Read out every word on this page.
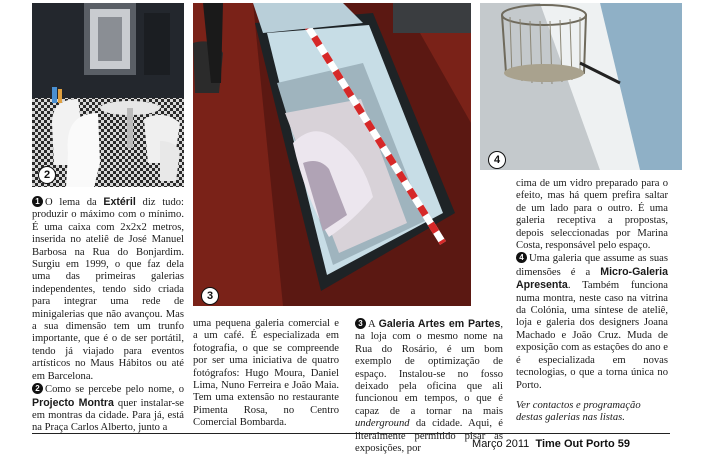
2
3
4

1 O lema da Extéril diz tudo: produzir o máximo com o mínimo. É uma caixa com 2x2x2 metros, inserida no ateliê de José Manuel Barbosa na Rua do Bonjardim. Surgiu em 1999, o que faz dela uma das primeiras galerias independentes, tendo sido criada para integrar uma rede de minigalerias que não avançou. Mas a sua dimensão tem um trunfo importante, que é o de ser portátil, tendo já viajado para eventos artísticos no Maus Hábitos ou até em Barcelona.

2 Como se percebe pelo nome, o Projecto Montra quer instalar-se em montras da cidade. Para já, está na Praça Carlos Alberto, junto a

uma pequena galeria comercial e a um café. É especializada em fotografia, o que se compreende por ser uma iniciativa de quatro fotógrafos: Hugo Moura, Daniel Lima, Nuno Ferreira e João Maia. Tem uma extensão no restaurante Pimenta Rosa, no Centro Comercial Bombarda.

3 A Galeria Artes em Partes, na loja com o mesmo nome na Rua do Rosário, é um bom exemplo de optimização de espaço. Instalou-se no fosso deixado pela oficina que ali funcionou em tempos, o que é capaz de a tornar na mais underground da cidade. Aqui, é literalmente permitido pisar as exposições, por

cima de um vidro preparado para o efeito, mas há quem prefira saltar de um lado para o outro. É uma galeria receptiva a propostas, depois seleccionadas por Marina Costa, responsável pelo espaço.

4 Uma galeria que assume as suas dimensões é a Micro-Galeria Apresenta. Também funciona numa montra, neste caso na vitrina da Colónia, uma síntese de ateliê, loja e galeria dos designers Joana Machado e João Cruz. Muda de exposição com as estações do ano e é especializada em novas tecnologias, o que a torna única no Porto.

Ver contactos e programação destas galerias nas listas.

Março 2011 Time Out Porto 59
